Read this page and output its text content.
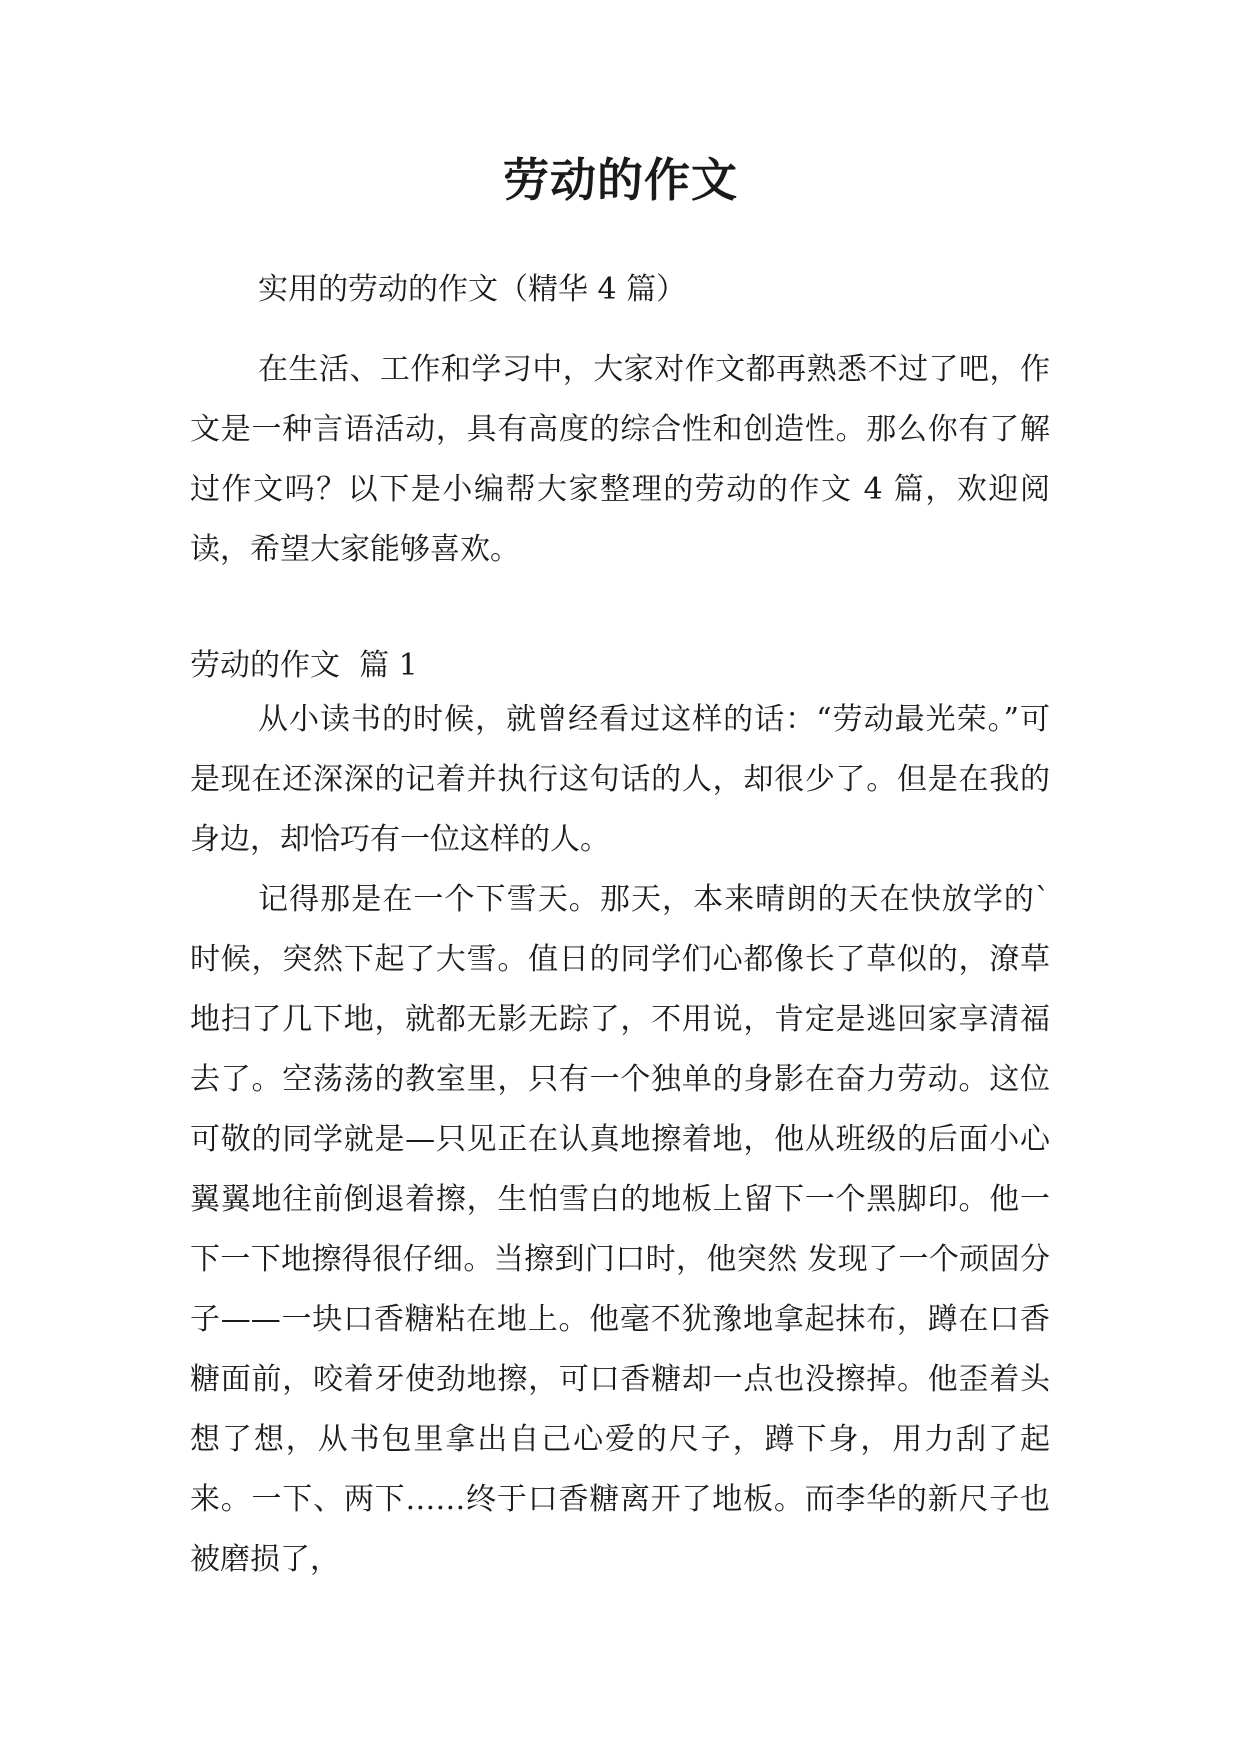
劳动的作文

实用的劳动的作文（精华 4 篇）

在生活、工作和学习中，大家对作文都再熟悉不过了吧，作文是一种言语活动，具有高度的综合性和创造性。那么你有了解过作文吗？以下是小编帮大家整理的劳动的作文 4 篇，欢迎阅读，希望大家能够喜欢。

劳动的作文  篇 1

从小读书的时候，就曾经看过这样的话：“劳动最光荣。”可是现在还深深的记着并执行这句话的人，却很少了。但是在我的身边，却恰巧有一位这样的人。

记得那是在一个下雪天。那天，本来晴朗的天在快放学的`时候，突然下起了大雪。值日的同学们心都像长了草似的，潦草地扫了几下地，就都无影无踪了，不用说，肯定是逃回家享清福去了。空荡荡的教室里，只有一个独单的身影在奋力劳动。这位可敬的同学就是—只见正在认真地擦着地，他从班级的后面小心翼翼地往前倒退着擦，生怕雪白的地板上留下一个黑脚印。他一下一下地擦得很仔细。当擦到门口时，他突然 发现了一个顽固分子——一块口香糖粘在地上。他毫不犹豫地拿起抹布，蹲在口香糖面前，咬着牙使劲地擦，可口香糖却一点也没擦掉。他歪着头想了想，从书包里拿出自己心爱的尺子，蹲下身，用力刮了起来。一下、两下……终于口香糖离开了地板。而李华的新尺子也被磨损了，
